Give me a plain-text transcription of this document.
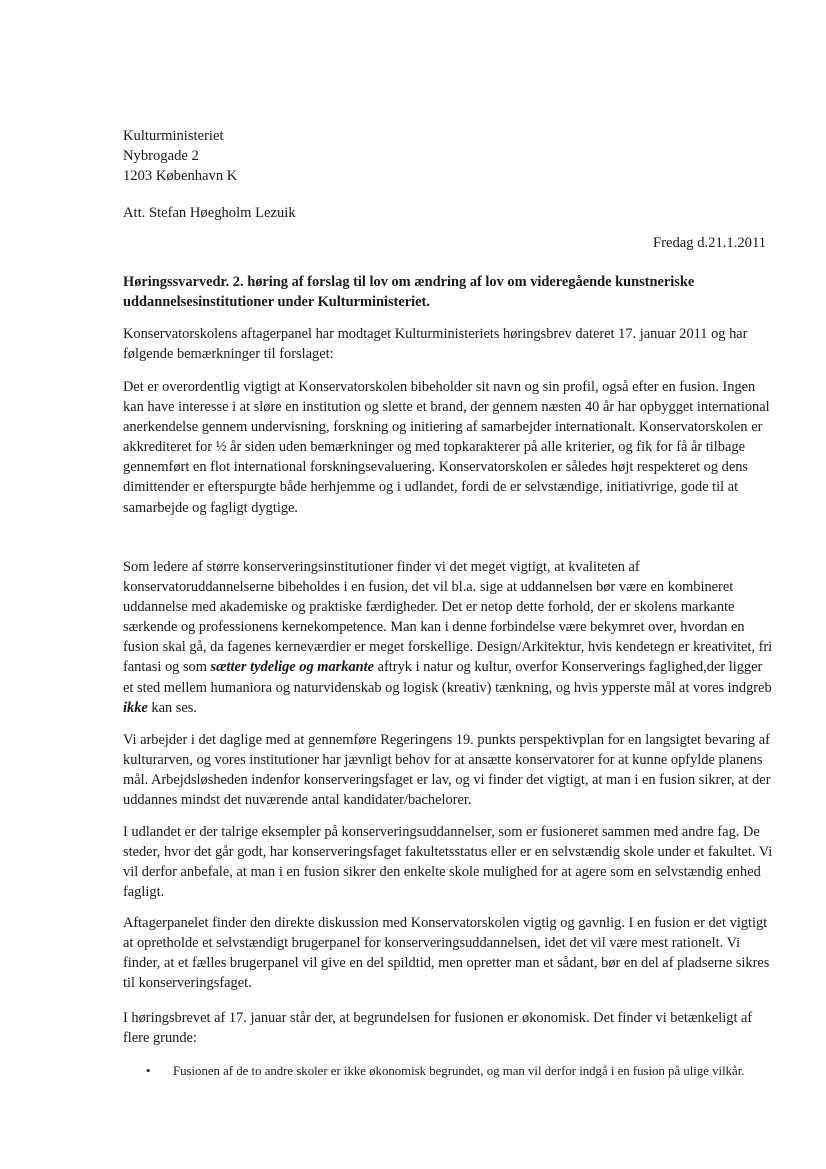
Kulturministeriet
Nybrogade 2
1203 København K

Att. Stefan Høegholm Lezuik

Fredag d.21.1.2011

Høringssvarvedr. 2. høring af forslag til lov om ændring af lov om videregående kunstneriske uddannelsesinstitutioner under Kulturministeriet.

Konservatorskolens aftagerpanel har modtaget Kulturministeriets høringsbrev dateret 17. januar 2011 og har følgende bemærkninger til forslaget:

Det er overordentlig vigtigt at Konservatorskolen bibeholder sit navn og sin profil, også efter en fusion. Ingen kan have interesse i at sløre en institution og slette et brand, der gennem næsten 40 år har opbygget international anerkendelse gennem undervisning, forskning og initiering af samarbejder internationalt. Konservatorskolen er akkrediteret for ½ år siden uden bemærkninger og med topkarakterer på alle kriterier, og fik for få år tilbage gennemført en flot international forskningsevaluering. Konservatorskolen er således højt respekteret og dens dimittender er efterspurgte både herhjemme og i udlandet, fordi de er selvstændige, initiativrige, gode til at samarbejde og fagligt dygtige.

Som ledere af større konserveringsinstitutioner finder vi det meget vigtigt, at kvaliteten af konservatoruddannelserne bibeholdes i en fusion, det vil bl.a. sige at uddannelsen bør være en kombineret uddannelse med akademiske og praktiske færdigheder. Det er netop dette forhold, der er skolens markante særkende og professionens kernekompetence. Man kan i denne forbindelse være bekymret over, hvordan en fusion skal gå, da fagenes kerneværdier er meget forskellige. Design/Arkitektur, hvis kendetegn er kreativitet, fri fantasi og som sætter tydelige og markante aftryk i natur og kultur, overfor Konserverings faglighed,der ligger et sted mellem humaniora og naturvidenskab og logisk (kreativ) tænkning, og hvis ypperste mål at vores indgreb ikke kan ses.

Vi arbejder i det daglige med at gennemføre Regeringens 19. punkts perspektivplan for en langsigtet bevaring af kulturarven, og vores institutioner har jævnligt behov for at ansætte konservatorer for at kunne opfylde planens mål. Arbejdsløsheden indenfor konserveringsfaget er lav, og vi finder det vigtigt, at man i en fusion sikrer, at der uddannes mindst det nuværende antal kandidater/bachelorer.

I udlandet er der talrige eksempler på konserveringsuddannelser, som er fusioneret sammen med andre fag. De steder, hvor det går godt, har konserveringsfaget fakultetsstatus eller er en selvstændig skole under et fakultet. Vi vil derfor anbefale, at man i en fusion sikrer den enkelte skole mulighed for at agere som en selvstændig enhed fagligt.

Aftagerpanelet finder den direkte diskussion med Konservatorskolen vigtig og gavnlig. I en fusion er det vigtigt at opretholde et selvstændigt brugerpanel for konserveringsuddannelsen, idet det vil være mest rationelt. Vi finder, at et fælles brugerpanel vil give en del spildtid, men opretter man et sådant, bør en del af pladserne sikres til konserveringsfaget.

I høringsbrevet af 17. januar står der, at begrundelsen for fusionen er økonomisk. Det finder vi betænkeligt af flere grunde:

• Fusionen af de to andre skoler er ikke økonomisk begrundet, og man vil derfor indgå i en fusion på ulige vilkår.
